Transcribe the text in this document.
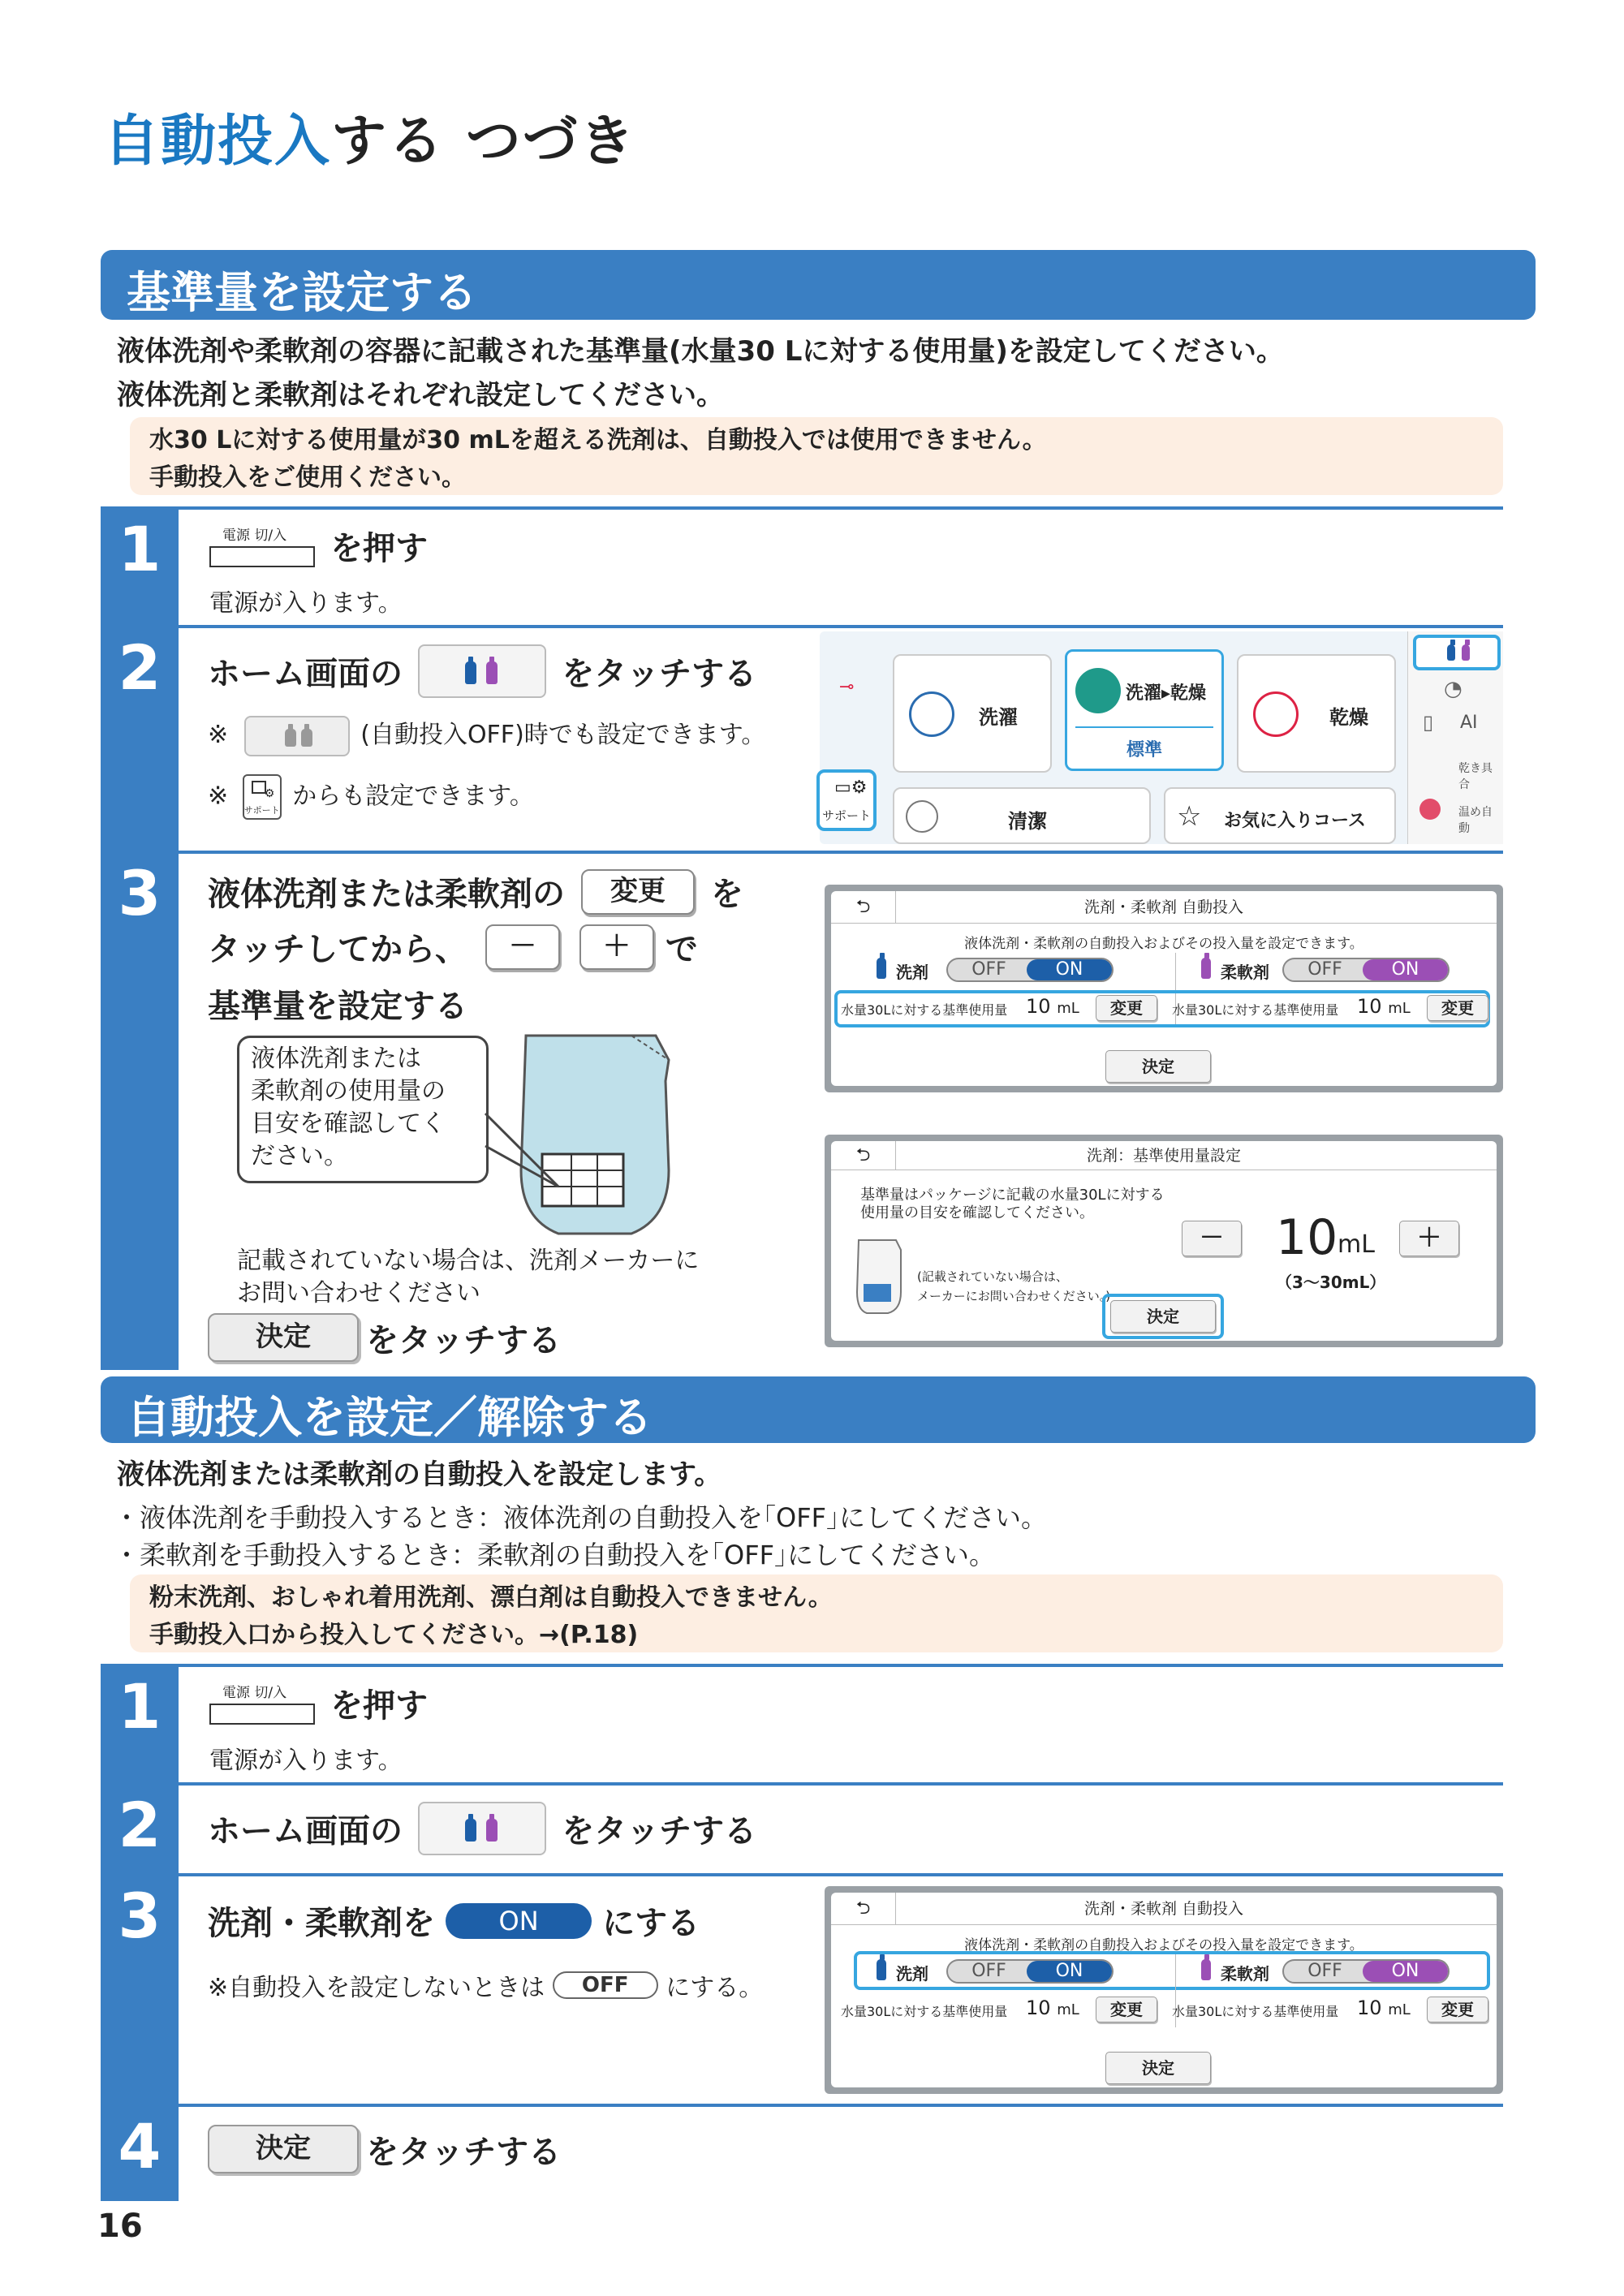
自動投入する つづき
基準量を設定する
液体洗剤や柔軟剤の容器に記載された基準量(水量30 Lに対する使用量)を設定してください。
液体洗剤と柔軟剤はそれぞれ設定してください。
水30 Lに対する使用量が30 mLを超える洗剤は、自動投入では使用できません。
手動投入をご使用ください。
1	電源 切/入 を押す
電源が入ります。
2	ホーム画面の	をタッチする
※	(自動投入OFF)時でも設定できます。
※	⚙
サポート からも設定できます。
⊸
洗濯
洗濯▸乾燥
標準
乾燥
清潔	☆ お気に入りコース
▭⚙
サポート
◔
▯ AI
乾き具合
温め自動
3	液体洗剤または柔軟剤の 変更 を
タッチしてから、 － ＋ で
基準量を設定する
液体洗剤または
柔軟剤の使用量の
目安を確認してく
ださい。
記載されていない場合は、洗剤メーカーに
お問い合わせください
決定 をタッチする
洗剤・柔軟剤 自動投入
⮌
液体洗剤・柔軟剤の自動投入およびその投入量を設定できます。
洗剤	OFF	ON	柔軟剤	OFF	ON
水量30Lに対する基準使用量 10 mL	変更	水量30Lに対する基準使用量 10 mL	変更
決定
洗剤：基準使用量設定
⮌
基準量はパッケージに記載の水量30Lに対する
使用量の目安を確認してください。
－	10 mL	＋
（3～30mL）
(記載されていない場合は、
メーカーにお問い合わせください。)
決定
自動投入を設定／解除する
液体洗剤または柔軟剤の自動投入を設定します。
・液体洗剤を手動投入するとき：液体洗剤の自動投入を｢OFF｣にしてください。
・柔軟剤を手動投入するとき：柔軟剤の自動投入を｢OFF｣にしてください。
粉末洗剤、おしゃれ着用洗剤、漂白剤は自動投入できません。
手動投入口から投入してください。→(P.18)
1	電源 切/入 を押す
電源が入ります。
2	ホーム画面の	をタッチする
3	洗剤・柔軟剤を ON にする
※自動投入を設定しないときは OFF にする。
洗剤・柔軟剤 自動投入
⮌
液体洗剤・柔軟剤の自動投入およびその投入量を設定できます。
洗剤	OFF	ON	柔軟剤	OFF	ON
水量30Lに対する基準使用量 10 mL	変更	水量30Lに対する基準使用量 10 mL	変更
決定
4	決定 をタッチする
16
